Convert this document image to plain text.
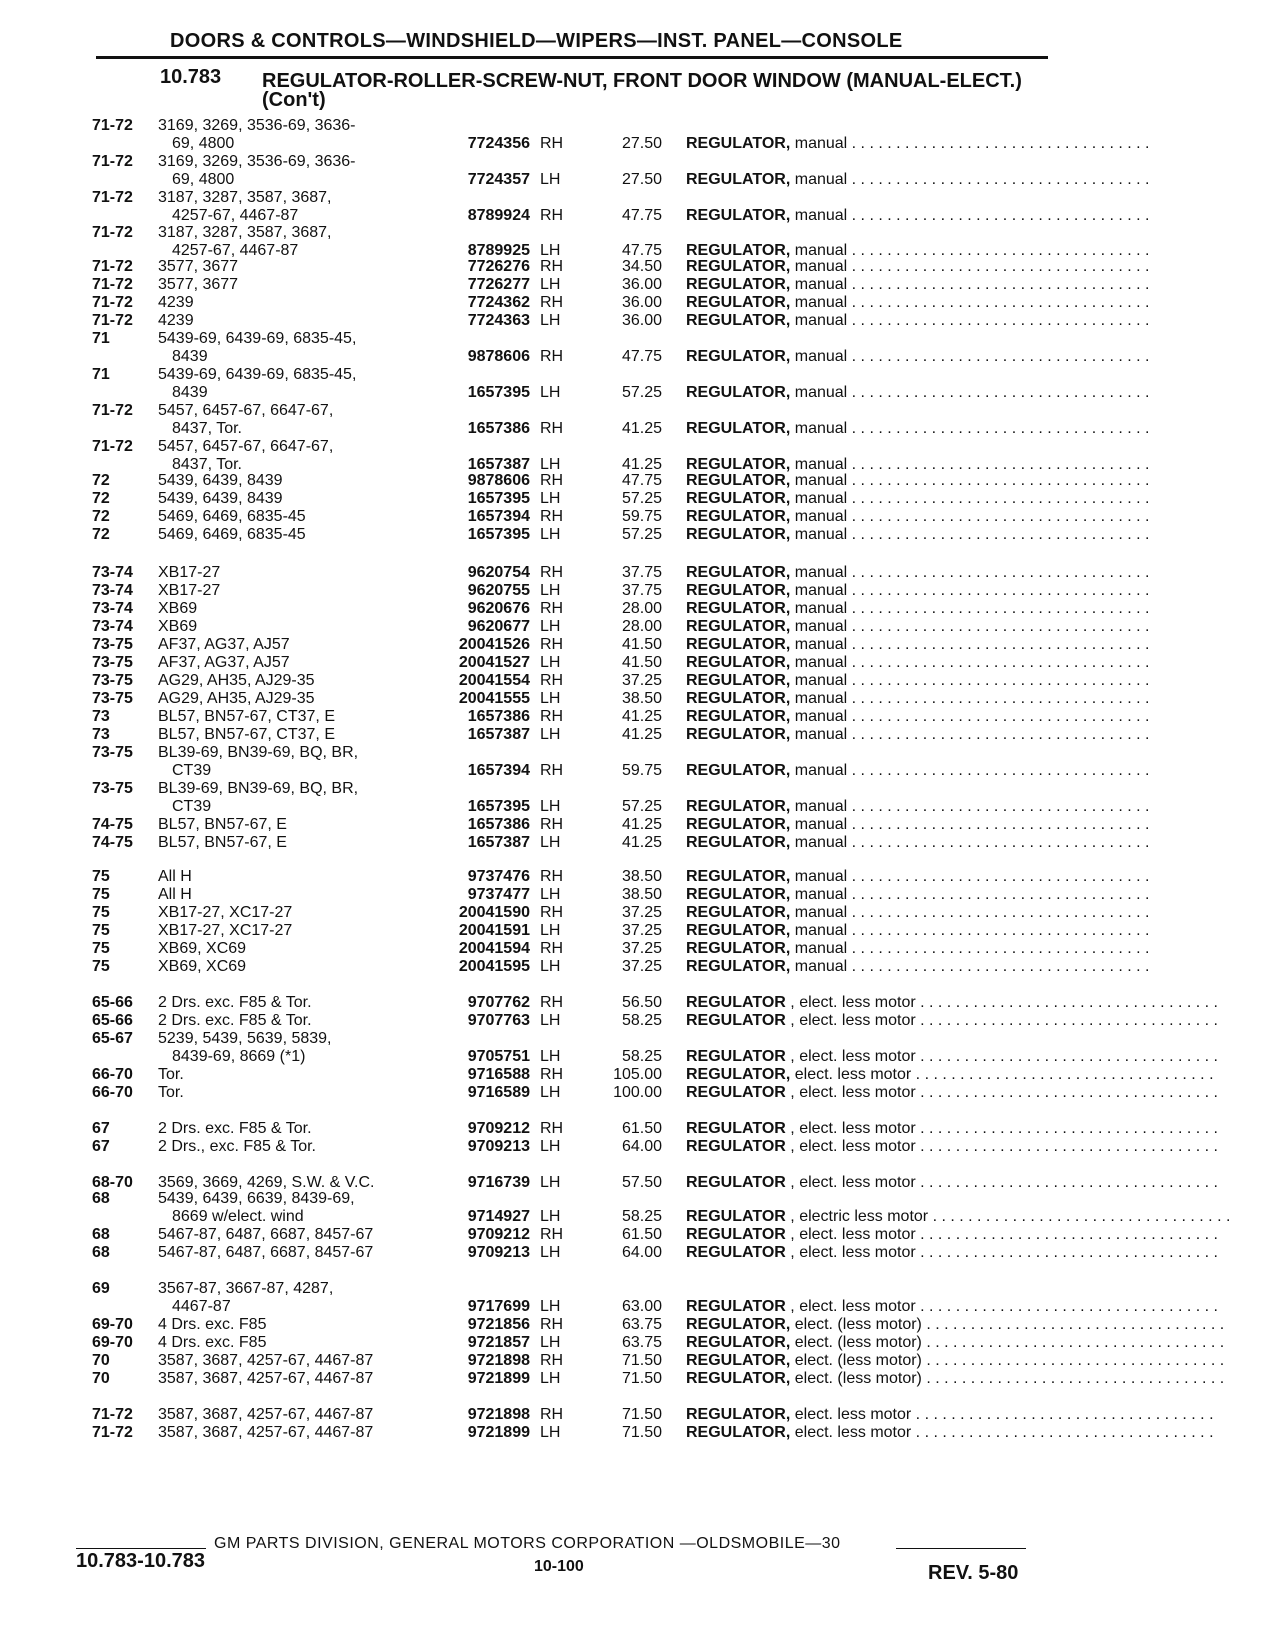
DOORS & CONTROLS—WINDSHIELD—WIPERS—INST. PANEL—CONSOLE
10.783 REGULATOR-ROLLER-SCREW-NUT, FRONT DOOR WINDOW (MANUAL-ELECT.) (Con't)
71-72 3169, 3269, 3536-69, 3636-
69, 4800	7724356 RH	27.50 REGULATOR, manual . . . . . . . . . . . . . . . . . . . . . . . . . . . . . . . . . .
71-72 3169, 3269, 3536-69, 3636-
69, 4800	7724357 LH	27.50 REGULATOR, manual . . . . . . . . . . . . . . . . . . . . . . . . . . . . . . . . . .
71-72 3187, 3287, 3587, 3687,
4257-67, 4467-87	8789924 RH	47.75 REGULATOR, manual . . . . . . . . . . . . . . . . . . . . . . . . . . . . . . . . . .
71-72 3187, 3287, 3587, 3687,
4257-67, 4467-87	8789925 LH	47.75 REGULATOR, manual . . . . . . . . . . . . . . . . . . . . . . . . . . . . . . . . . .
71-72 3577, 3677	7726276 RH	34.50 REGULATOR, manual . . . . . . . . . . . . . . . . . . . . . . . . . . . . . . . . . .
71-72 3577, 3677	7726277 LH	36.00 REGULATOR, manual . . . . . . . . . . . . . . . . . . . . . . . . . . . . . . . . . .
71-72 4239	7724362 RH	36.00 REGULATOR, manual . . . . . . . . . . . . . . . . . . . . . . . . . . . . . . . . . .
71-72 4239	7724363 LH	36.00 REGULATOR, manual . . . . . . . . . . . . . . . . . . . . . . . . . . . . . . . . . .
71	5439-69, 6439-69, 6835-45,
8439	9878606 RH	47.75 REGULATOR, manual . . . . . . . . . . . . . . . . . . . . . . . . . . . . . . . . . .
71	5439-69, 6439-69, 6835-45,
8439	1657395 LH	57.25 REGULATOR, manual . . . . . . . . . . . . . . . . . . . . . . . . . . . . . . . . . .
71-72 5457, 6457-67, 6647-67,
8437, Tor.	1657386 RH	41.25 REGULATOR, manual . . . . . . . . . . . . . . . . . . . . . . . . . . . . . . . . . .
71-72 5457, 6457-67, 6647-67,
8437, Tor.	1657387 LH	41.25 REGULATOR, manual . . . . . . . . . . . . . . . . . . . . . . . . . . . . . . . . . .
72	5439, 6439, 8439	9878606 RH	47.75 REGULATOR, manual . . . . . . . . . . . . . . . . . . . . . . . . . . . . . . . . . .
72	5439, 6439, 8439	1657395 LH	57.25 REGULATOR, manual . . . . . . . . . . . . . . . . . . . . . . . . . . . . . . . . . .
72	5469, 6469, 6835-45	1657394 RH	59.75 REGULATOR, manual . . . . . . . . . . . . . . . . . . . . . . . . . . . . . . . . . .
72	5469, 6469, 6835-45	1657395 LH	57.25 REGULATOR, manual . . . . . . . . . . . . . . . . . . . . . . . . . . . . . . . . . .
73-74 XB17-27	9620754 RH	37.75 REGULATOR, manual . . . . . . . . . . . . . . . . . . . . . . . . . . . . . . . . . .
73-74 XB17-27	9620755 LH	37.75 REGULATOR, manual . . . . . . . . . . . . . . . . . . . . . . . . . . . . . . . . . .
73-74 XB69	9620676 RH	28.00 REGULATOR, manual . . . . . . . . . . . . . . . . . . . . . . . . . . . . . . . . . .
73-74 XB69	9620677 LH	28.00 REGULATOR, manual . . . . . . . . . . . . . . . . . . . . . . . . . . . . . . . . . .
73-75 AF37, AG37, AJ57	20041526 RH	41.50 REGULATOR, manual . . . . . . . . . . . . . . . . . . . . . . . . . . . . . . . . . .
73-75 AF37, AG37, AJ57	20041527 LH	41.50 REGULATOR, manual . . . . . . . . . . . . . . . . . . . . . . . . . . . . . . . . . .
73-75 AG29, AH35, AJ29-35	20041554 RH	37.25 REGULATOR, manual . . . . . . . . . . . . . . . . . . . . . . . . . . . . . . . . . .
73-75 AG29, AH35, AJ29-35	20041555 LH	38.50 REGULATOR, manual . . . . . . . . . . . . . . . . . . . . . . . . . . . . . . . . . .
73	BL57, BN57-67, CT37, E	1657386 RH	41.25 REGULATOR, manual . . . . . . . . . . . . . . . . . . . . . . . . . . . . . . . . . .
73	BL57, BN57-67, CT37, E	1657387 LH	41.25 REGULATOR, manual . . . . . . . . . . . . . . . . . . . . . . . . . . . . . . . . . .
73-75 BL39-69, BN39-69, BQ, BR,
CT39	1657394 RH	59.75 REGULATOR, manual . . . . . . . . . . . . . . . . . . . . . . . . . . . . . . . . . .
73-75 BL39-69, BN39-69, BQ, BR,
CT39	1657395 LH	57.25 REGULATOR, manual . . . . . . . . . . . . . . . . . . . . . . . . . . . . . . . . . .
74-75 BL57, BN57-67, E	1657386 RH	41.25 REGULATOR, manual . . . . . . . . . . . . . . . . . . . . . . . . . . . . . . . . . .
74-75 BL57, BN57-67, E	1657387 LH	41.25 REGULATOR, manual . . . . . . . . . . . . . . . . . . . . . . . . . . . . . . . . . .
75	All H	9737476 RH	38.50 REGULATOR, manual . . . . . . . . . . . . . . . . . . . . . . . . . . . . . . . . . .
75	All H	9737477 LH	38.50 REGULATOR, manual . . . . . . . . . . . . . . . . . . . . . . . . . . . . . . . . . .
75	XB17-27, XC17-27	20041590 RH	37.25 REGULATOR, manual . . . . . . . . . . . . . . . . . . . . . . . . . . . . . . . . . .
75	XB17-27, XC17-27	20041591 LH	37.25 REGULATOR, manual . . . . . . . . . . . . . . . . . . . . . . . . . . . . . . . . . .
75	XB69, XC69	20041594 RH	37.25 REGULATOR, manual . . . . . . . . . . . . . . . . . . . . . . . . . . . . . . . . . .
75	XB69, XC69	20041595 LH	37.25 REGULATOR, manual . . . . . . . . . . . . . . . . . . . . . . . . . . . . . . . . . .
65-66 2 Drs. exc. F85 & Tor.	9707762 RH	56.50 REGULATOR , elect. less motor . . . . . . . . . . . . . . . . . . . . . . . . . . . . . . . . . .
65-66 2 Drs. exc. F85 & Tor.	9707763 LH	58.25 REGULATOR , elect. less motor . . . . . . . . . . . . . . . . . . . . . . . . . . . . . . . . . .
65-67 5239, 5439, 5639, 5839,
8439-69, 8669 (*1)	9705751 LH	58.25 REGULATOR , elect. less motor . . . . . . . . . . . . . . . . . . . . . . . . . . . . . . . . . .
66-70 Tor.	9716588 RH	105.00 REGULATOR, elect. less motor . . . . . . . . . . . . . . . . . . . . . . . . . . . . . . . . . .
66-70 Tor.	9716589 LH	100.00 REGULATOR , elect. less motor . . . . . . . . . . . . . . . . . . . . . . . . . . . . . . . . . .
67	2 Drs. exc. F85 & Tor.	9709212 RH	61.50 REGULATOR , elect. less motor . . . . . . . . . . . . . . . . . . . . . . . . . . . . . . . . . .
67	2 Drs., exc. F85 & Tor.	9709213 LH	64.00 REGULATOR , elect. less motor . . . . . . . . . . . . . . . . . . . . . . . . . . . . . . . . . .
68-70 3569, 3669, 4269, S.W. & V.C.	9716739 LH	57.50 REGULATOR , elect. less motor . . . . . . . . . . . . . . . . . . . . . . . . . . . . . . . . . .
68	5439, 6439, 6639, 8439-69,
8669 w/elect. wind	9714927 LH	58.25 REGULATOR , electric less motor . . . . . . . . . . . . . . . . . . . . . . . . . . . . . . . . . .
68	5467-87, 6487, 6687, 8457-67	9709212 RH	61.50 REGULATOR , elect. less motor . . . . . . . . . . . . . . . . . . . . . . . . . . . . . . . . . .
68	5467-87, 6487, 6687, 8457-67	9709213 LH	64.00 REGULATOR , elect. less motor . . . . . . . . . . . . . . . . . . . . . . . . . . . . . . . . . .
69	3567-87, 3667-87, 4287,
4467-87	9717699 LH	63.00 REGULATOR , elect. less motor . . . . . . . . . . . . . . . . . . . . . . . . . . . . . . . . . .
69-70 4 Drs. exc. F85	9721856 RH	63.75 REGULATOR, elect. (less motor) . . . . . . . . . . . . . . . . . . . . . . . . . . . . . . . . . .
69-70 4 Drs. exc. F85	9721857 LH	63.75 REGULATOR, elect. (less motor) . . . . . . . . . . . . . . . . . . . . . . . . . . . . . . . . . .
70	3587, 3687, 4257-67, 4467-87	9721898 RH	71.50 REGULATOR, elect. (less motor) . . . . . . . . . . . . . . . . . . . . . . . . . . . . . . . . . .
70	3587, 3687, 4257-67, 4467-87	9721899 LH	71.50 REGULATOR, elect. (less motor) . . . . . . . . . . . . . . . . . . . . . . . . . . . . . . . . . .
71-72 3587, 3687, 4257-67, 4467-87	9721898 RH	71.50 REGULATOR, elect. less motor . . . . . . . . . . . . . . . . . . . . . . . . . . . . . . . . . .
71-72 3587, 3687, 4257-67, 4467-87	9721899 LH	71.50 REGULATOR, elect. less motor . . . . . . . . . . . . . . . . . . . . . . . . . . . . . . . . . .
GM PARTS DIVISION, GENERAL MOTORS CORPORATION —OLDSMOBILE—30
10.783-10.783	10-100	REV. 5-80
